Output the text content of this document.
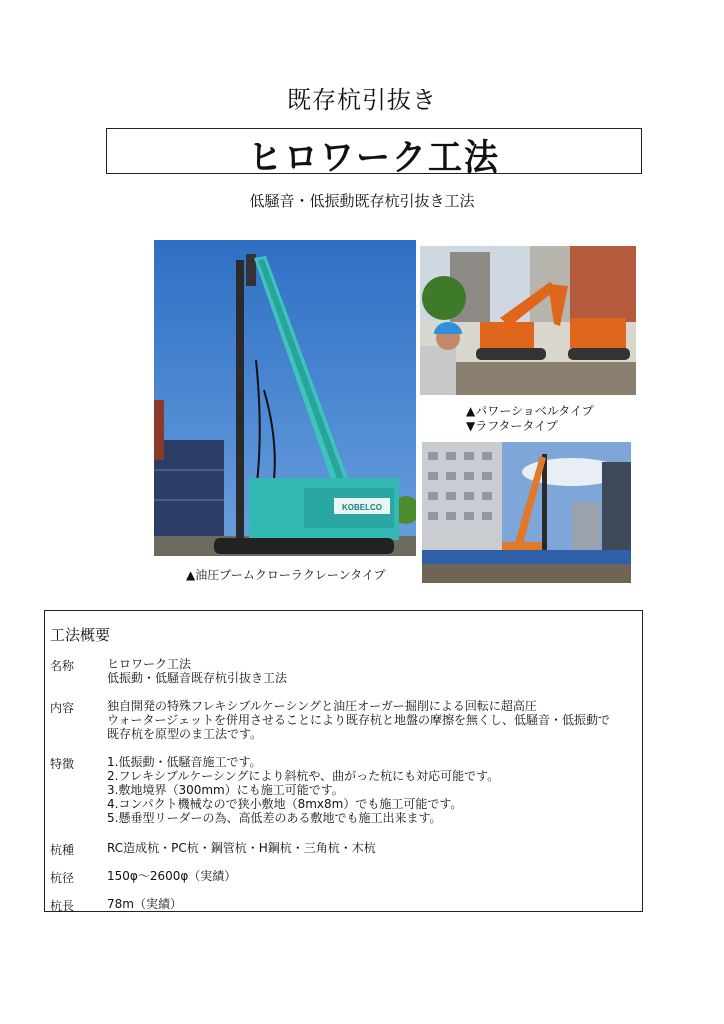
既存杭引抜き
ヒロワーク工法
低騒音・低振動既存杭引抜き工法
KOBELCO
▲油圧ブームクローラクレーンタイプ
▲パワーショベルタイプ
▼ラフタータイプ
工法概要
名称	ヒロワーク工法
低振動・低騒音既存杭引抜き工法
内容	独自開発の特殊フレキシブルケーシングと油圧オーガー掘削による回転に超高圧
ウォータージェットを併用させることにより既存杭と地盤の摩擦を無くし、低騒音・低振動で
既存杭を原型のま工法です。
特徴	1.低振動・低騒音施工です。
2.フレキシブルケーシングにより斜杭や、曲がった杭にも対応可能です。
3.敷地境界（300mm）にも施工可能です。
4.コンパクト機械なので狭小敷地（8mx8m）でも施工可能です。
5.懸垂型リーダーの為、高低差のある敷地でも施工出来ます。
杭種	RC造成杭・PC杭・鋼管杭・H鋼杭・三角杭・木杭
杭径	150φ～2600φ（実績）
杭長	78m（実績）
